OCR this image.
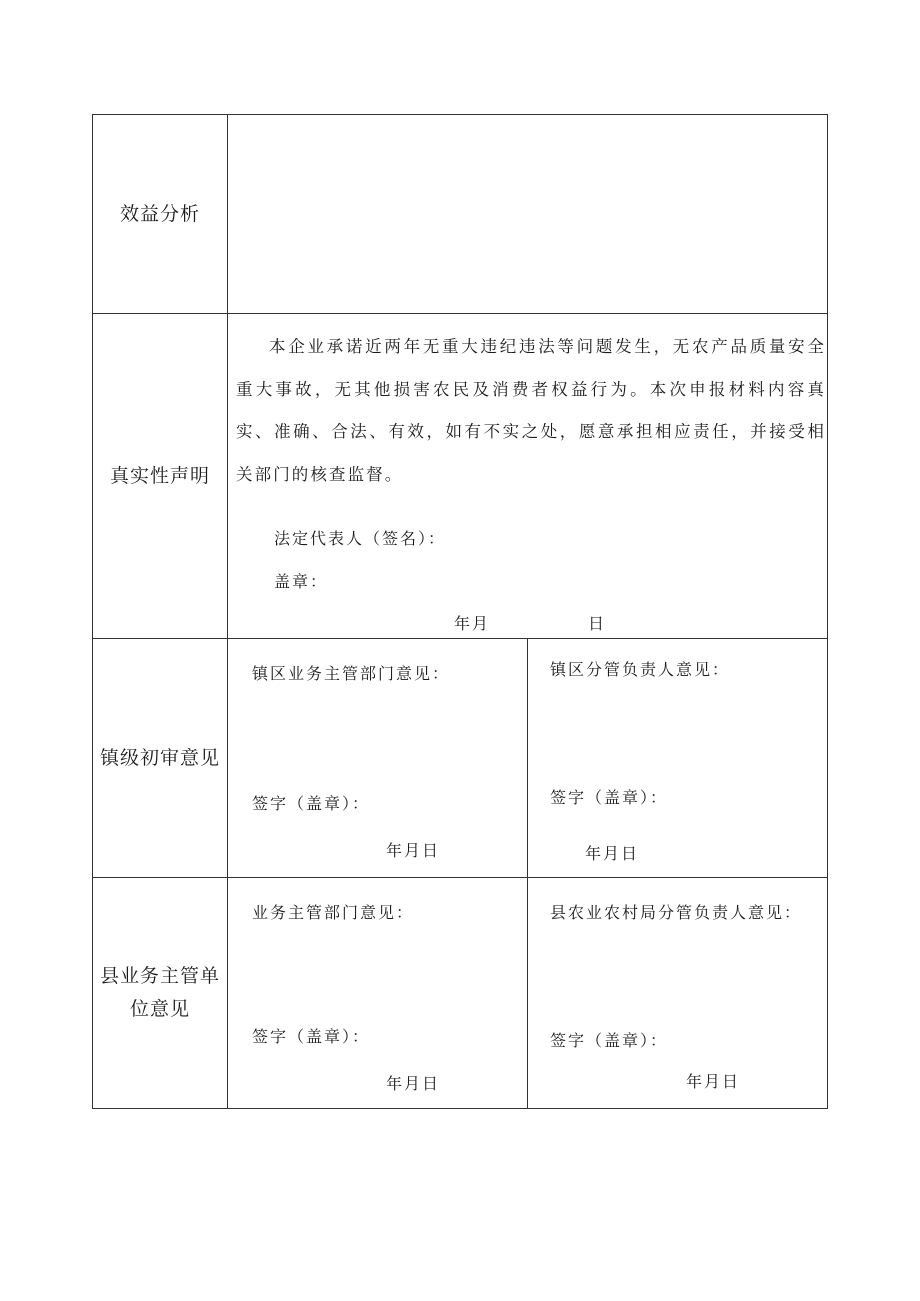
效益分析
真实性声明

本企业承诺近两年无重大违纪违法等问题发生，无农产品质量安全重大事故，无其他损害农民及消费者权益行为。本次申报材料内容真实、准确、合法、有效，如有不实之处，愿意承担相应责任，并接受相关部门的核查监督。

法定代表人（签名）：
盖章：
年月	日
镇级初审意见
镇区业务主管部门意见：
签字（盖章）：
年月日
镇区分管负责人意见：
签字（盖章）：
年月日
县业务主管单
位意见
业务主管部门意见：
签字（盖章）：
年月日
县农业农村局分管负责人意见：
签字（盖章）：
年月日
